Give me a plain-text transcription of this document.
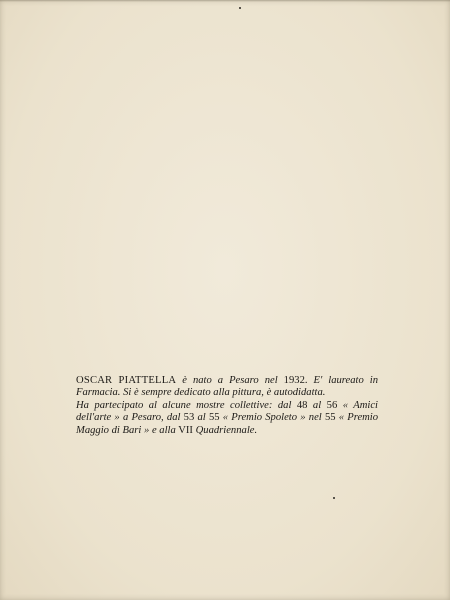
OSCAR PIATTELLA è nato a Pesaro nel 1932. E' laureato in Farmacia. Si è sempre dedicato alla pittura, è autodidatta.

Ha partecipato al alcune mostre collettive: dal 48 al 56 « Amici dell'arte » a Pesaro, dal 53 al 55 « Premio Spoleto » nel 55 « Premio Maggio di Bari » e alla VII Quadriennale.
